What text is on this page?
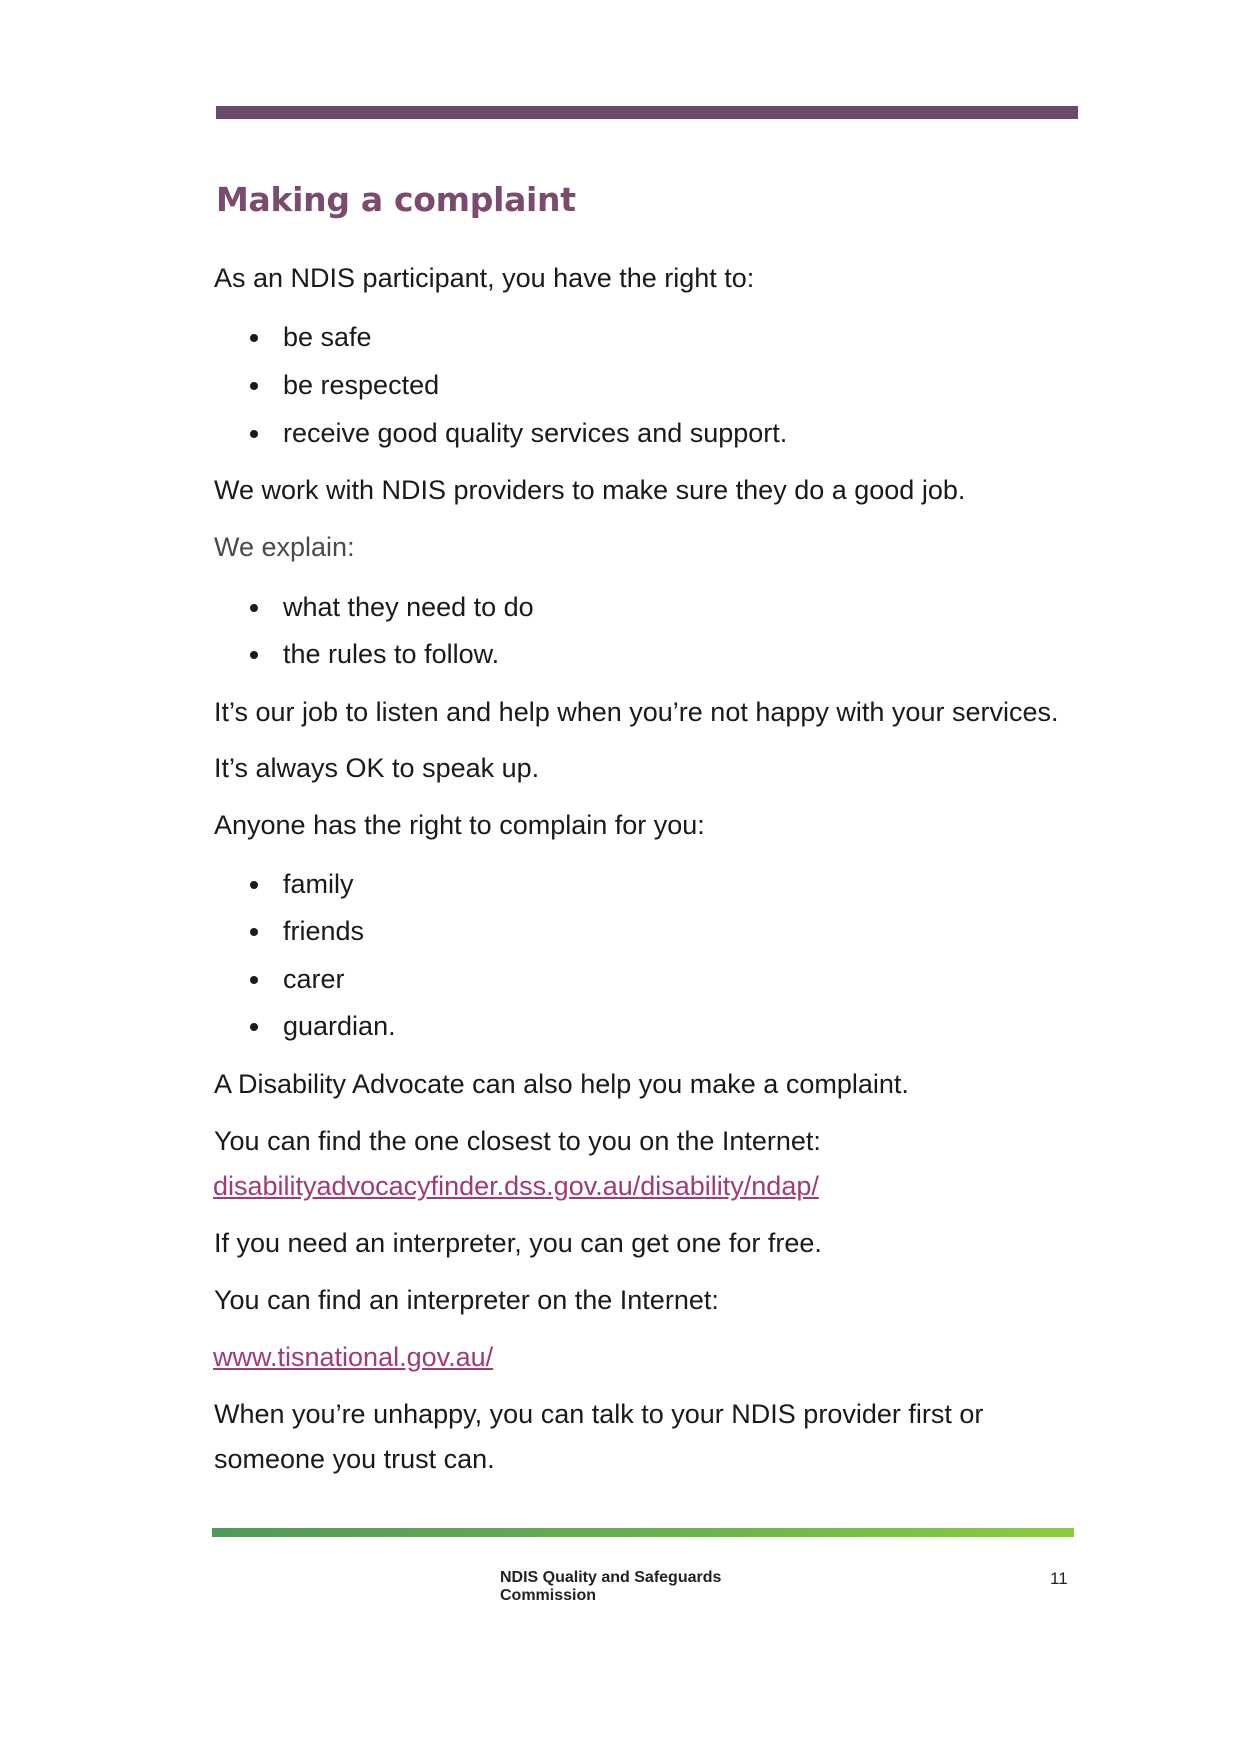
Making a complaint

As an NDIS participant, you have the right to:

be safe
be respected
receive good quality services and support.

We work with NDIS providers to make sure they do a good job.

We explain:

what they need to do
the rules to follow.

It’s our job to listen and help when you’re not happy with your services.

It’s always OK to speak up.

Anyone has the right to complain for you:

family
friends
carer
guardian.

A Disability Advocate can also help you make a complaint.

You can find the one closest to you on the Internet:

disabilityadvocacyfinder.dss.gov.au/disability/ndap/

If you need an interpreter, you can get one for free.

You can find an interpreter on the Internet:

www.tisnational.gov.au/

When you’re unhappy, you can talk to your NDIS provider first or

someone you trust can.

NDIS Quality and Safeguards Commission
11
